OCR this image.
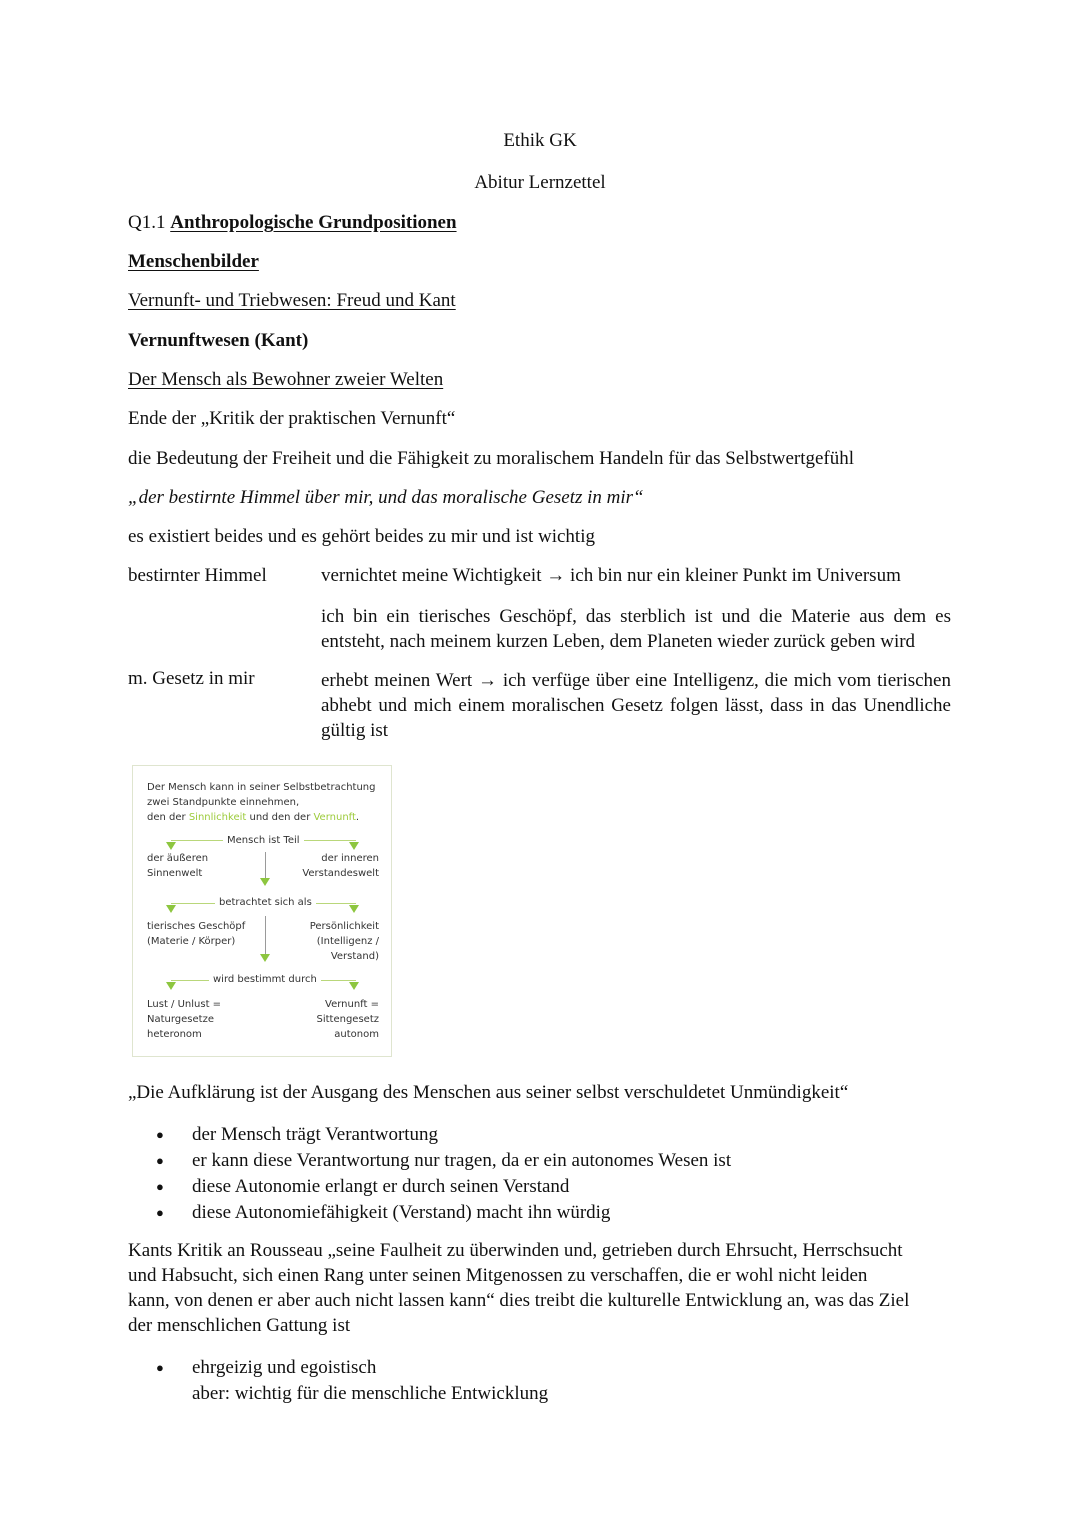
Ethik GK
Abitur Lernzettel
Q1.1 Anthropologische Grundpositionen
Menschenbilder
Vernunft- und Triebwesen: Freud und Kant
Vernunftwesen (Kant)
Der Mensch als Bewohner zweier Welten
Ende der „Kritik der praktischen Vernunft“
die Bedeutung der Freiheit und die Fähigkeit zu moralischem Handeln für das Selbstwertgefühl
„der bestirnte Himmel über mir, und das moralische Gesetz in mir“
es existiert beides und es gehört beides zu mir und ist wichtig
bestirnter Himmel	vernichtet meine Wichtigkeit → ich bin nur ein kleiner Punkt im Universum
ich bin ein tierisches Geschöpf, das sterblich ist und die Materie aus dem es entsteht, nach meinem kurzen Leben, dem Planeten wieder zurück geben wird
m. Gesetz in mir	erhebt meinen Wert → ich verfüge über eine Intelligenz, die mich vom tierischen abhebt und mich einem moralischen Gesetz folgen lässt, dass in das Unendliche gültig ist
Der Mensch kann in seiner Selbstbetrachtung
zwei Standpunkte einnehmen,
den der Sinnlichkeit und den der Vernunft.
Mensch ist Teil
der äußeren
Sinnenwelt
der inneren
Verstandeswelt
betrachtet sich als
tierisches Geschöpf
(Materie / Körper)
Persönlichkeit
(Intelligenz /
Verstand)
wird bestimmt durch
Lust / Unlust =
Naturgesetze
heteronom
Vernunft =
Sittengesetz
autonom
„Die Aufklärung ist der Ausgang des Menschen aus seiner selbst verschuldetet Unmündigkeit“
● der Mensch trägt Verantwortung
● er kann diese Verantwortung nur tragen, da er ein autonomes Wesen ist
● diese Autonomie erlangt er durch seinen Verstand
● diese Autonomiefähigkeit (Verstand) macht ihn würdig
Kants Kritik an Rousseau „seine Faulheit zu überwinden und, getrieben durch Ehrsucht, Herrschsucht
und Habsucht, sich einen Rang unter seinen Mitgenossen zu verschaffen, die er wohl nicht leiden
kann, von denen er aber auch nicht lassen kann“ dies treibt die kulturelle Entwicklung an, was das Ziel
der menschlichen Gattung ist
● ehrgeizig und egoistisch
aber: wichtig für die menschliche Entwicklung
